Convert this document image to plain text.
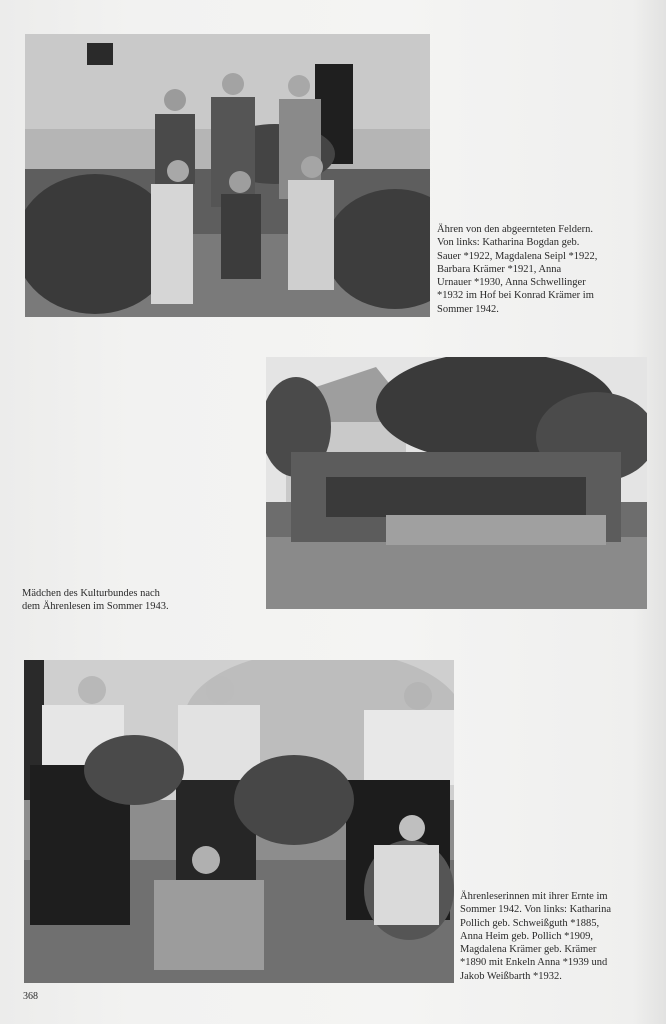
Ähren von den abgeernteten Feldern.
Von links: Katharina Bogdan geb.
Sauer *1922, Magdalena Seipl *1922,
Barbara Krämer *1921, Anna
Urnauer *1930, Anna Schwellinger
*1932 im Hof bei Konrad Krämer im
Sommer 1942.

Mädchen des Kulturbundes nach
dem Ährenlesen im Sommer 1943.

Ährenleserinnen mit ihrer Ernte im
Sommer 1942. Von links: Katharina
Pollich geb. Schweißguth *1885,
Anna Heim geb. Pollich *1909,
Magdalena Krämer geb. Krämer
*1890 mit Enkeln Anna *1939 und
Jakob Weißbarth *1932.

368
